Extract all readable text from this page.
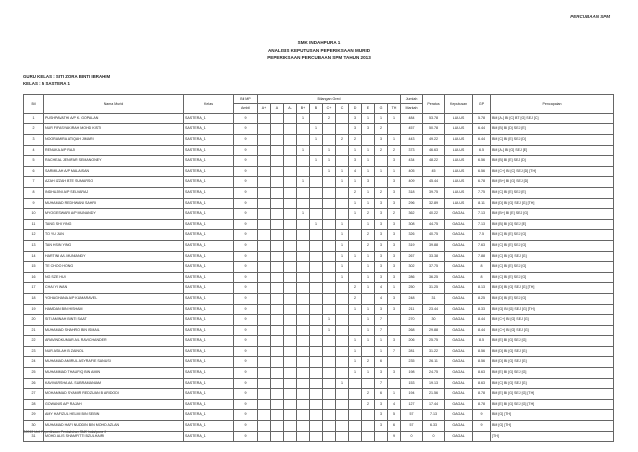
PERCUBAAN SPM
SMK INDAHPURA 1
ANALISIS KEPUTUSAN PEPERIKSAAN MURID
PEPERIKSAAN PERCUBAAN SPM TAHUN 2013
GURU KELAS : SITI ZORA BINTI IBRAHIM
KELAS : 5 SASTERA 1
Bil	Nama Murid	Kelas	Bil MP	Bilangan Gred											Jumlah	Peratus	Keputusan	GP	Pencapaian
			Ambil	A+	A	A-	B+	B	C+	C	D	E	G	TH	Markah				
1	PUSHPAVATHI A/P K. GOPALAN	SASTERA_1	9				1		2		3	1	1	1	484	53.78	LULUS	5.78	BM [A-] BI [C] BT [G] SEJ [C]
2	NUR FIFASYAKIRAH MOHD KISTI	SASTERA_1	9					1			3	3	2		457	50.78	LULUS	6.44	BM [B] BI [D] SEJ [E]
3	NOORAMIRA ATIQAH JIMARI	SASTERA_1	9					1		2	2		3	1	443	49.22	LULUS	6.44	BM [C] BI [E] SEJ [D]
4	RENUKA A/P RAJI	SASTERA_1	9				1		1		1	1	2	2	373	46.63	LULUS	6.5	BM [A-] BI [G] SEJ [E]
5	RACHEAL JENIFAR SEMANONEY	SASTERA_1	9					1	1		3	1		3	434	48.22	LULUS	6.56	BM [B] BI [E] SEJ [D]
6	SARMILAH A/P MALAISAN	SASTERA_1	9						1	1	4	1	1	1	405	45	LULUS	6.56	BM [C+] BI [C] SEJ [D] [TH]
7	AZAH IZZAH BTE SUMARSO	SASTERA_1	9				1			1	1	3		3	409	45.44	LULUS	6.78	BM [B+] BI [G] SEJ [D]
8	INDHUJINI A/P SELVARAJ	SASTERA_1	9								2	1	2	3	318	39.75	LULUS	7.75	BM [C] BI [E] SEJ [E]
9	MUHAMAD REDHWANI SAHRI	SASTERA_1	9								1	1	3	3	296	32.89	LULUS	8.11	BM [D] BI [G] SEJ [G] [TH]
10	MYOGESWARI A/P MUNANDY	SASTERA_1	9				1				1	2	3	2	362	40.22	GAGAL	7.13	BM [B+] BI [E] SEJ [G]
11	TANG SHI YING	SASTERA_1	9					1		1		1	3	3	308	44.75	GAGAL	7.13	BM [B] BI [G] SEJ [E]
12	TO YU JUN	SASTERA_1	9							1		2	3	3	326	40.75	GAGAL	7.5	BM [C] BI [E] SEJ [G]
13	TAN HSIN YING	SASTERA_1	9							1		2	3	3	319	39.88	GAGAL	7.63	BM [C] BI [E] SEJ [G]
14	HARTINI A/L MUNIANDY	SASTERA_1	9							1	1	1	3	3	267	33.38	GAGAL	7.88	BM [C] BI [G] SEJ [G]
15	TE CHOO HONG	SASTERA_1	9							1		1	3	3	302	37.75	GAGAL	8	BM [C] BI [E] SEJ [G]
16	NG SZE HUI	SASTERA_1	9							1		1	3	3	286	36.25	GAGAL	8	BM [C] BI [E] SEJ [G]
17	CHAI YI WAN	SASTERA_1	9								2	1	4	1	250	31.25	GAGAL	8.13	BM [D] BI [G] SEJ [G] [TH]
18	YOHAGHANA A/P KUMARAVEL	SASTERA_1	9								2		4	3	248	31	GAGAL	8.25	BM [D] BI [E] SEJ [G]
19	HAMDAN BIN HISHAM	SASTERA_1	9								1	1	3	3	211	23.44	GAGAL	8.33	BM [G] BI [G] SEJ [G] [TH]
20	SITI AMINAH BINTI SAAT	SASTERA_1	9						1			1	7		270	30	GAGAL	8.44	BM [C+] BI [G] SEJ [G]
21	MUHAMAD SHAHRO BIN ISMAIL	SASTERA_1	9						1			1	7		268	29.88	GAGAL	8.44	BM [C+] BI [G] SEJ [G]
22	ARAVINDKUMAR A/L RAVICHANDER	SASTERA_1	9								1	1	1	3	206	25.75	GAGAL	8.5	BM [E] BI [G] SEJ [G]
23	NUR ASILAH B ZAINOL	SASTERA_1	9								1		1	7	281	31.22	GAGAL	8.56	BM [D] BI [G] SEJ [G]
24	MUHAMAD AMIRUL ASYRAFIE SANUSI	SASTERA_1	9								1	2	6		235	26.11	GAGAL	8.56	BM [D] BI [G] SEJ [G]
25	MUHAMMAD THAUFIQ BIN AMIN	SASTERA_1	9								1	1	3	3	198	24.75	GAGAL	8.63	BM [E] BI [G] SEJ [G]
26	KAVIVARSHA A/L SUBRAMANIAM	SASTERA_1	9							1			7		153	19.13	GAGAL	8.63	BM [C] BI [G] SEJ [G]
27	MOHAMMAD SYAMIR REDZUAN B ARIDODI	SASTERA_1	9									2	6	1	194	21.56	GAGAL	8.78	BM [E] BI [G] SEJ [G] [TH]
28	GOWANIS A/P RAJAH	SASTERA_1	9									2	3	4	127	17.44	GAGAL	8.78	BM [E] BI [G] SEJ [G] [TH]
29	AMY HAFIZUL HELMI BIN SEBIN	SASTERA_1	9										3	5	57	7.13	GAGAL	9	BM [G] [TH]
30	MUHAMAD HAFI NUDDIN BIN MOHD AZLAN	SASTERA_1	9										3	6	57	6.33	GAGAL	9	BM [G] [TH]
31	MOHD ALIS SHAMFITTI BZULHAIRI	SASTERA_1	9											9	0	0	GAGAL		[TH]
©2013 Unit Peperiksaan Pentaksiran SMK Indahpura 1
